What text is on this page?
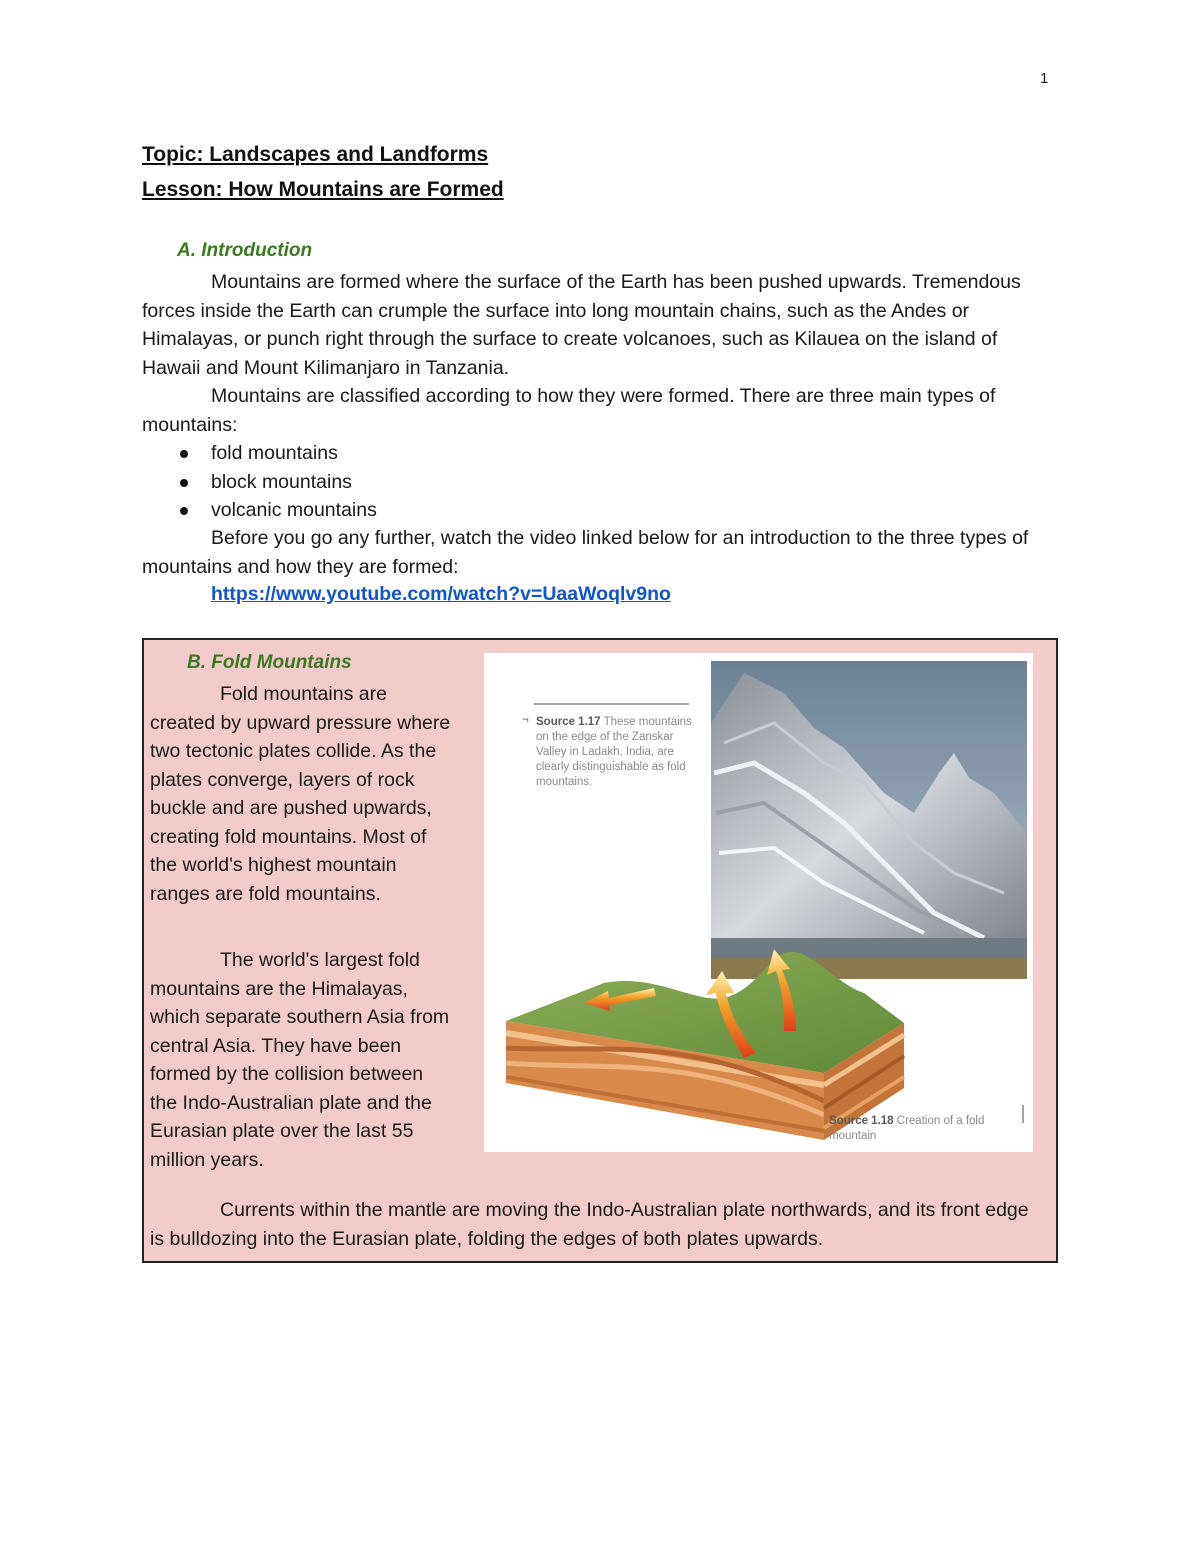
1
Topic: Landscapes and Landforms
Lesson: How Mountains are Formed
A. Introduction

Mountains are formed where the surface of the Earth has been pushed upwards. Tremendous forces inside the Earth can crumple the surface into long mountain chains, such as the Andes or Himalayas, or punch right through the surface to create volcanoes, such as Kilauea on the island of Hawaii and Mount Kilimanjaro in Tanzania.

Mountains are classified according to how they were formed. There are three main types of mountains:

fold mountains
block mountains
volcanic mountains

Before you go any further, watch the video linked below for an introduction to the three types of mountains and how they are formed:

https://www.youtube.com/watch?v=UaaWoqlv9no
B. Fold Mountains

Fold mountains are created by upward pressure where two tectonic plates collide. As the plates converge, layers of rock buckle and are pushed upwards, creating fold mountains. Most of the world's highest mountain ranges are fold mountains.

The world's largest fold mountains are the Himalayas, which separate southern Asia from central Asia. They have been formed by the collision between the Indo-Australian plate and the Eurasian plate over the last 55 million years.

Currents within the mantle are moving the Indo-Australian plate northwards, and its front edge is bulldozing into the Eurasian plate, folding the edges of both plates upwards.

¬ Source 1.17 These mountains on the edge of the Zanskar Valley in Ladakh, India, are clearly distinguishable as fold mountains.
Source 1.18 Creation of a fold mountain
